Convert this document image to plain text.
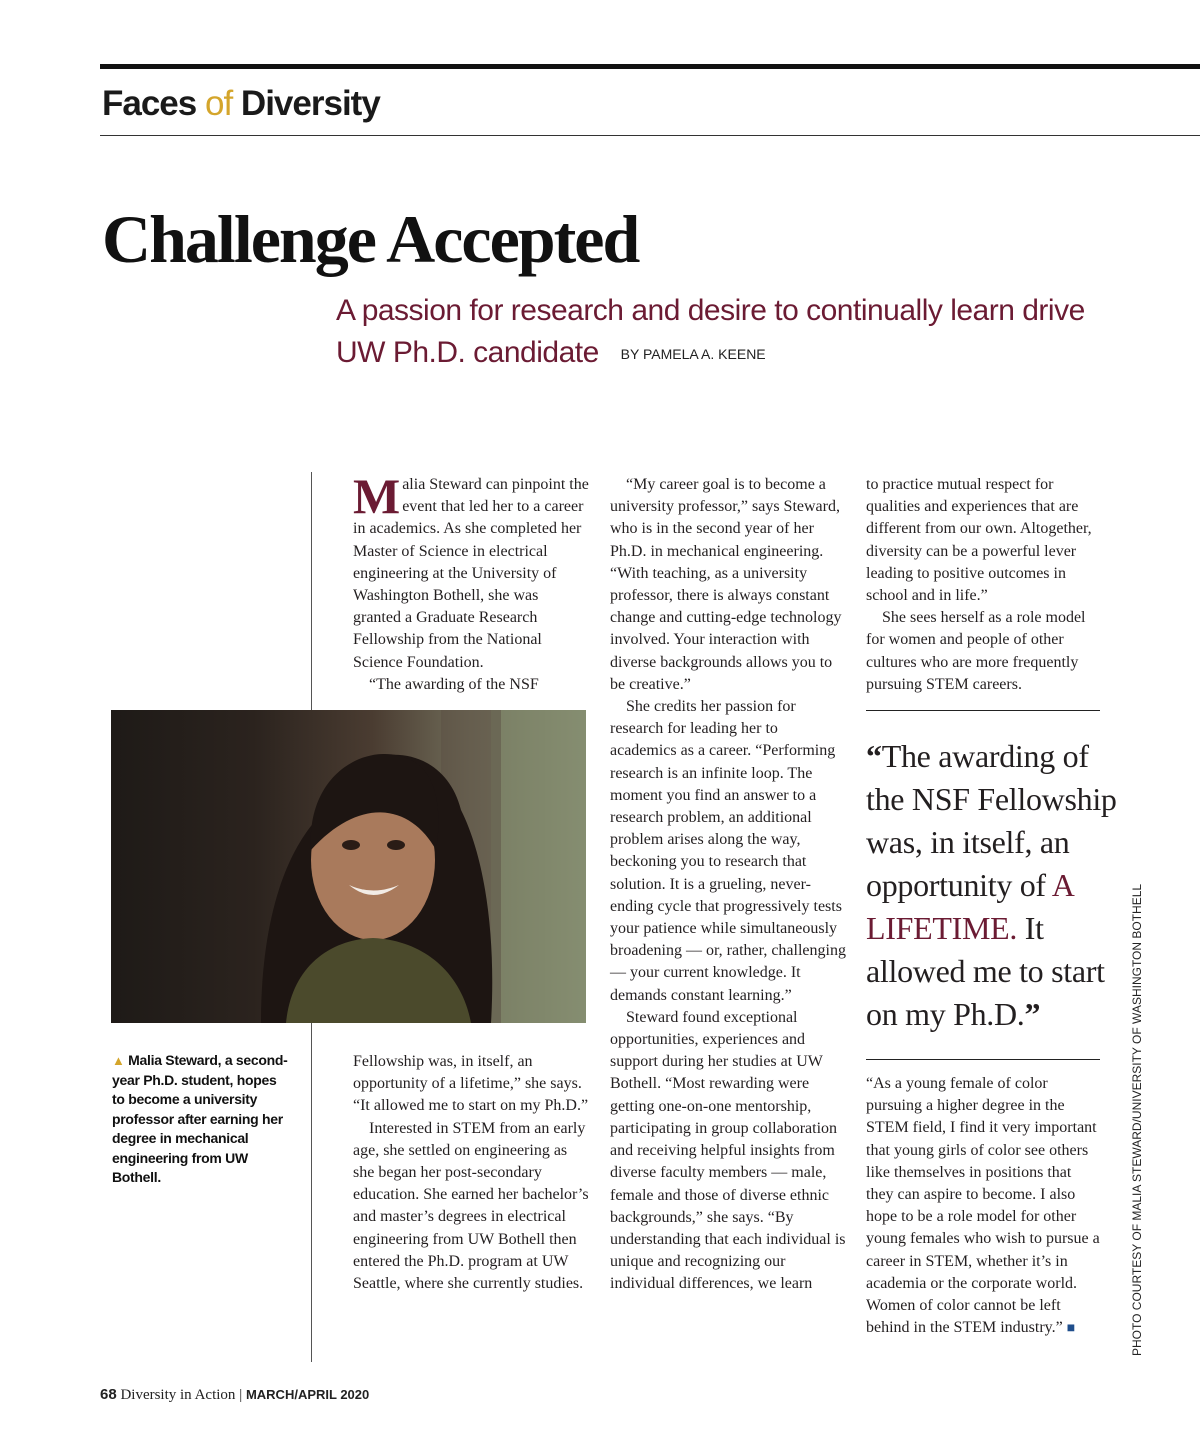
Faces of Diversity
Challenge Accepted
A passion for research and desire to continually learn drive UW Ph.D. candidate BY PAMELA A. KEENE

Malia Steward can pinpoint the event that led her to a career in academics. As she completed her Master of Science in electrical engineering at the University of Washington Bothell, she was granted a Graduate Research Fellowship from the National Science Foundation.

“The awarding of the NSF

▲ Malia Steward, a second-year Ph.D. student, hopes to become a university professor after earning her degree in mechanical engineering from UW Bothell.

Fellowship was, in itself, an opportunity of a lifetime,” she says. “It allowed me to start on my Ph.D.”

Interested in STEM from an early age, she settled on engineering as she began her post-secondary education. She earned her bachelor’s and master’s degrees in electrical engineering from UW Bothell then entered the Ph.D. program at UW Seattle, where she currently studies.

“My career goal is to become a university professor,” says Steward, who is in the second year of her Ph.D. in mechanical engineering. “With teaching, as a university professor, there is always constant change and cutting-edge technology involved. Your interaction with diverse backgrounds allows you to be creative.”

She credits her passion for research for leading her to academics as a career. “Performing research is an infinite loop. The moment you find an answer to a research problem, an additional problem arises along the way, beckoning you to research that solution. It is a grueling, never-ending cycle that progressively tests your patience while simultaneously broadening — or, rather, challenging — your current knowledge. It demands constant learning.”

Steward found exceptional opportunities, experiences and support during her studies at UW Bothell. “Most rewarding were getting one-on-one mentorship, participating in group collaboration and receiving helpful insights from diverse faculty members — male, female and those of diverse ethnic backgrounds,” she says. “By understanding that each individual is unique and recognizing our individual differences, we learn

to practice mutual respect for qualities and experiences that are different from our own. Altogether, diversity can be a powerful lever leading to positive outcomes in school and in life.”

She sees herself as a role model for women and people of other cultures who are more frequently pursuing STEM careers.

“The awarding of the NSF Fellowship was, in itself, an opportunity of A LIFETIME. It allowed me to start on my Ph.D.”

“As a young female of color pursuing a higher degree in the STEM field, I find it very important that young girls of color see others like themselves in positions that they can aspire to become. I also hope to be a role model for other young females who wish to pursue a career in STEM, whether it’s in academia or the corporate world. Women of color cannot be left behind in the STEM industry.” ■	PHOTO COURTESY OF MALIA STEWARD/UNIVERSITY OF WASHINGTON BOTHELL
68 Diversity in Action | MARCH/APRIL 2020
